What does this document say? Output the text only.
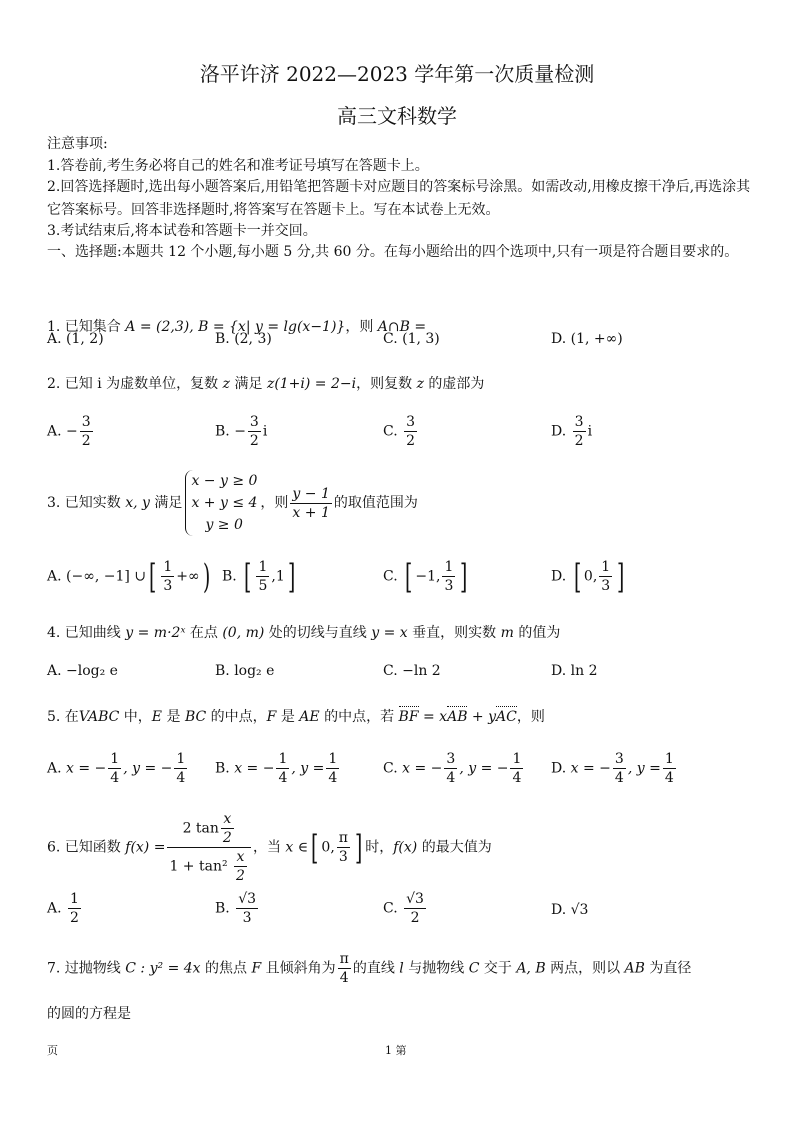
洛平许济 2022—2023 学年第一次质量检测
高三文科数学
注意事项:
1.答卷前,考生务必将自己的姓名和准考证号填写在答题卡上。
2.回答选择题时,选出每小题答案后,用铅笔把答题卡对应题目的答案标号涂黑。如需改动,用橡皮擦干净后,再选涂其它答案标号。回答非选择题时,将答案写在答题卡上。写在本试卷上无效。
3.考试结束后,将本试卷和答题卡一并交回。
一、选择题:本题共 12 个小题,每小题 5 分,共 60 分。在每小题给出的四个选项中,只有一项是符合题目要求的。
1. 已知集合 A = (2,3), B = {x| y = lg(x−1)}，则 A∩B =
A. (1, 2)	B. (2, 3)	C. (1, 3)	D. (1, +∞)
2. 已知 i 为虚数单位，复数 z 满足 z(1+i) = 2−i，则复数 z 的虚部为
A. − $\frac{3}{2}$	B. − $\frac{3}{2}$ i	C. $\frac{3}{2}$	D. $\frac{3}{2}$ i
3. 已知实数 x, y 满足
x − y ≥ 0
x + y ≤ 4
y ≥ 0
，则 $\frac{y - 1}{x + 1}$ 的取值范围为
A. (−∞, −1] ∪[ $\frac{1}{3}$ +∞) B. [ $\frac{1}{5} ,1$]	C. [ −1, $\frac{1}{3}$ ]	D. [ 0, $\frac{1}{3}$ ]
4. 已知曲线 y = m·2ˣ 在点 (0, m) 处的切线与直线 y = x 垂直，则实数 m 的值为
A. −log₂ e	B. log₂ e	C. −ln 2	D. ln 2
5. 在VABC 中，E 是 BC 的中点，F 是 AE 的中点，若 BF = xAB + yAC，则
A. x = − $\frac{1}{4}$ , y = − $\frac{1}{4} B$. x = − $\frac{1}{4}$ , $y = \frac{1}{4}$	C. x = − $\frac{3}{4}$ , y = − $\frac{1}{4} D$. x = − $\frac{3}{4}$ , $y = \frac{1}{4}$
6. 已知函数 $f(x) = \frac{2 \tan \frac{x}{2}}{1 + \tan^2 \frac{x}{2}}$ ，当 x ∈[ 0, $\frac{\pi}{3}$ ] 时，f(x) 的最大值为
A. $\frac{1}{2}$	B. $\frac{√3}{3}$	C. $\frac{√3}{2}$	D. √3
7. 过抛物线 C : y² = 4x 的焦点 F 且倾斜角为 $\frac{\pi}{4}$ 的直线 l 与抛物线 C 交于 A, B 两点，则以 AB 为直径
的圆的方程是
页	1 第
